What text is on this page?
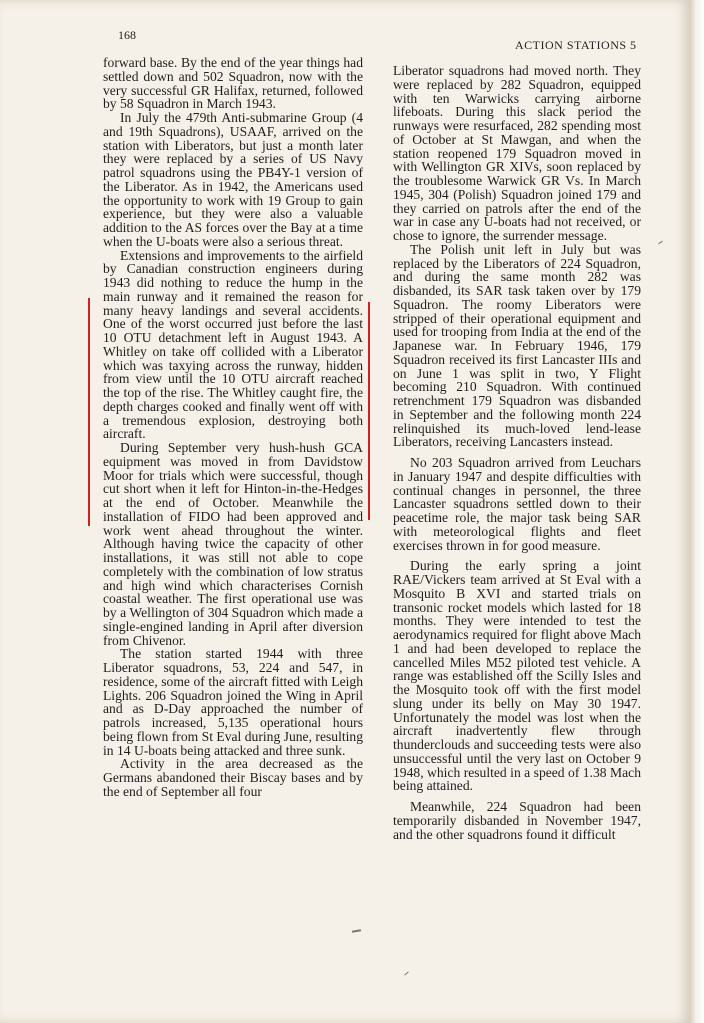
168
ACTION STATIONS 5

forward base. By the end of the year things had settled down and 502 Squadron, now with the very successful GR Halifax, returned, followed by 58 Squadron in March 1943.

In July the 479th Anti-submarine Group (4 and 19th Squadrons), USAAF, arrived on the station with Liberators, but just a month later they were replaced by a series of US Navy patrol squadrons using the PB4Y-1 version of the Liberator. As in 1942, the Americans used the opportunity to work with 19 Group to gain experience, but they were also a valuable addition to the AS forces over the Bay at a time when the U-boats were also a serious threat.

Extensions and improvements to the airfield by Canadian construction engineers during 1943 did nothing to reduce the hump in the main runway and it remained the reason for many heavy landings and several accidents. One of the worst occurred just before the last 10 OTU detachment left in August 1943. A Whitley on take off collided with a Liberator which was taxying across the runway, hidden from view until the 10 OTU aircraft reached the top of the rise. The Whitley caught fire, the depth charges cooked and finally went off with a tremendous explosion, destroying both aircraft.

During September very hush-hush GCA equipment was moved in from Davidstow Moor for trials which were successful, though cut short when it left for Hinton-in-the-Hedges at the end of October. Meanwhile the installation of FIDO had been approved and work went ahead throughout the winter. Although having twice the capacity of other installations, it was still not able to cope completely with the combination of low stratus and high wind which characterises Cornish coastal weather. The first operational use was by a Wellington of 304 Squadron which made a single-engined landing in April after diversion from Chivenor.

The station started 1944 with three Liberator squadrons, 53, 224 and 547, in residence, some of the aircraft fitted with Leigh Lights. 206 Squadron joined the Wing in April and as D-Day approached the number of patrols increased, 5,135 operational hours being flown from St Eval during June, resulting in 14 U-boats being attacked and three sunk.

Activity in the area decreased as the Germans abandoned their Biscay bases and by the end of September all four

Liberator squadrons had moved north. They were replaced by 282 Squadron, equipped with ten Warwicks carrying airborne lifeboats. During this slack period the runways were resurfaced, 282 spending most of October at St Mawgan, and when the station reopened 179 Squadron moved in with Wellington GR XIVs, soon replaced by the troublesome Warwick GR Vs. In March 1945, 304 (Polish) Squadron joined 179 and they carried on patrols after the end of the war in case any U-boats had not received, or chose to ignore, the surrender message.

The Polish unit left in July but was replaced by the Liberators of 224 Squadron, and during the same month 282 was disbanded, its SAR task taken over by 179 Squadron. The roomy Liberators were stripped of their operational equipment and used for trooping from India at the end of the Japanese war. In February 1946, 179 Squadron received its first Lancaster IIIs and on June 1 was split in two, Y Flight becoming 210 Squadron. With continued retrenchment 179 Squadron was disbanded in September and the following month 224 relinquished its much-loved lend-lease Liberators, receiving Lancasters instead.

No 203 Squadron arrived from Leuchars in January 1947 and despite difficulties with continual changes in personnel, the three Lancaster squadrons settled down to their peacetime role, the major task being SAR with meteorological flights and fleet exercises thrown in for good measure.

During the early spring a joint RAE/Vickers team arrived at St Eval with a Mosquito B XVI and started trials on transonic rocket models which lasted for 18 months. They were intended to test the aerodynamics required for flight above Mach 1 and had been developed to replace the cancelled Miles M52 piloted test vehicle. A range was established off the Scilly Isles and the Mosquito took off with the first model slung under its belly on May 30 1947. Unfortunately the model was lost when the aircraft inadvertently flew through thunderclouds and succeeding tests were also unsuccessful until the very last on October 9 1948, which resulted in a speed of 1.38 Mach being attained.

Meanwhile, 224 Squadron had been temporarily disbanded in November 1947, and the other squadrons found it difficult
